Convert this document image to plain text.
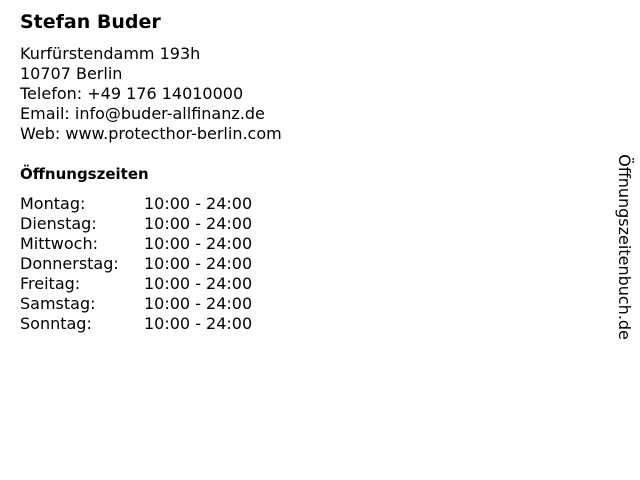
Stefan Buder
Kurfürstendamm 193h
10707 Berlin
Telefon: +49 176 14010000
Email: info@buder-allfinanz.de
Web: www.protecthor-berlin.com
Öffnungszeiten
Montag:	10:00 - 24:00
Dienstag:	10:00 - 24:00
Mittwoch:	10:00 - 24:00
Donnerstag: 10:00 - 24:00
Freitag:	10:00 - 24:00
Samstag:	10:00 - 24:00
Sonntag:	10:00 - 24:00	Öffnungszeitenbuch.de
